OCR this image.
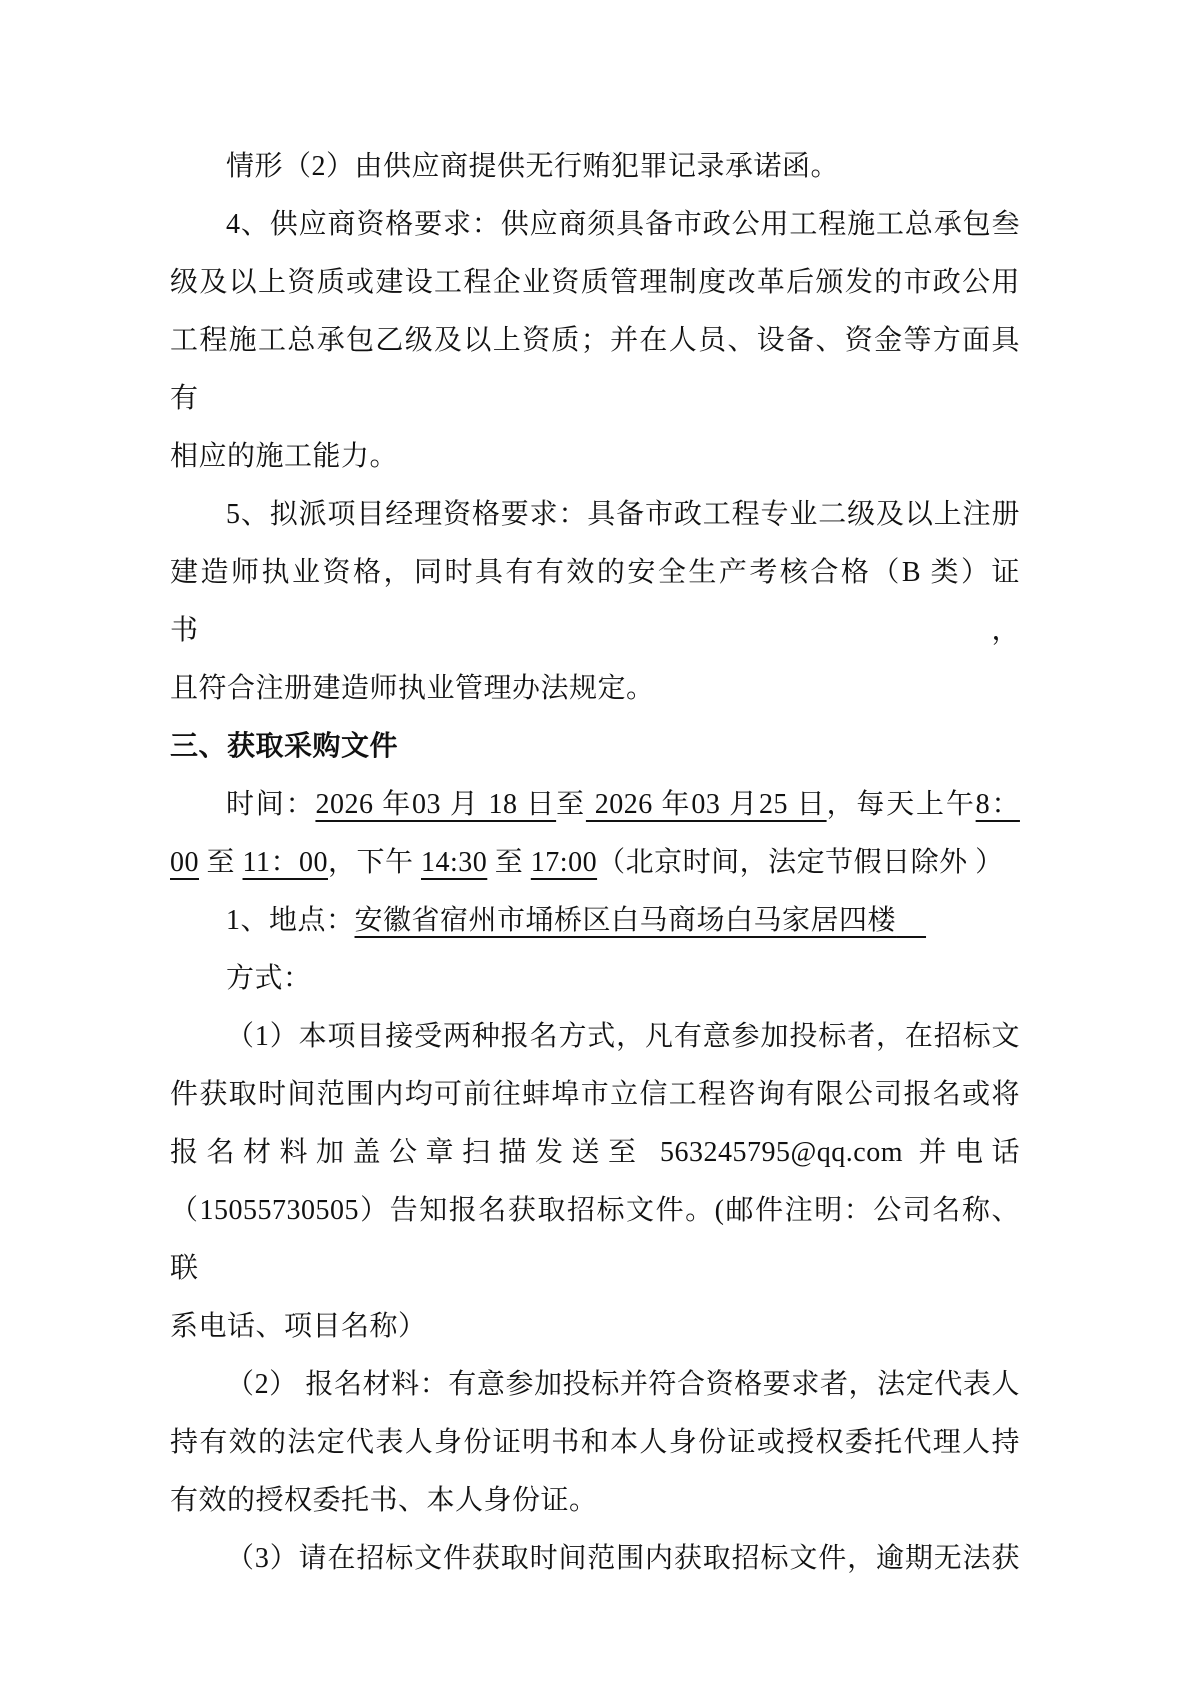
情形（2）由供应商提供无行贿犯罪记录承诺函。

4、供应商资格要求：供应商须具备市政公用工程施工总承包叁

级及以上资质或建设工程企业资质管理制度改革后颁发的市政公用

工程施工总承包乙级及以上资质；并在人员、设备、资金等方面具有

相应的施工能力。

5、拟派项目经理资格要求：具备市政工程专业二级及以上注册

建造师执业资格，同时具有有效的安全生产考核合格（B 类）证书，

且符合注册建造师执业管理办法规定。

三、获取采购文件

时间：2026 年03 月 18 日至 2026 年03 月25 日，每天上午8：

00 至 11：00，下午 14:30 至 17:00（北京时间，法定节假日除外 ）

1、地点：安徽省宿州市埇桥区白马商场白马家居四楼

方式：

（1）本项目接受两种报名方式，凡有意参加投标者，在招标文

件获取时间范围内均可前往蚌埠市立信工程咨询有限公司报名或将

报名材料加盖公章扫描发送至 563245795@qq.com 并电话

（15055730505）告知报名获取招标文件。(邮件注明：公司名称、联

系电话、项目名称）

（2） 报名材料：有意参加投标并符合资格要求者，法定代表人

持有效的法定代表人身份证明书和本人身份证或授权委托代理人持

有效的授权委托书、本人身份证。

（3）请在招标文件获取时间范围内获取招标文件，逾期无法获
